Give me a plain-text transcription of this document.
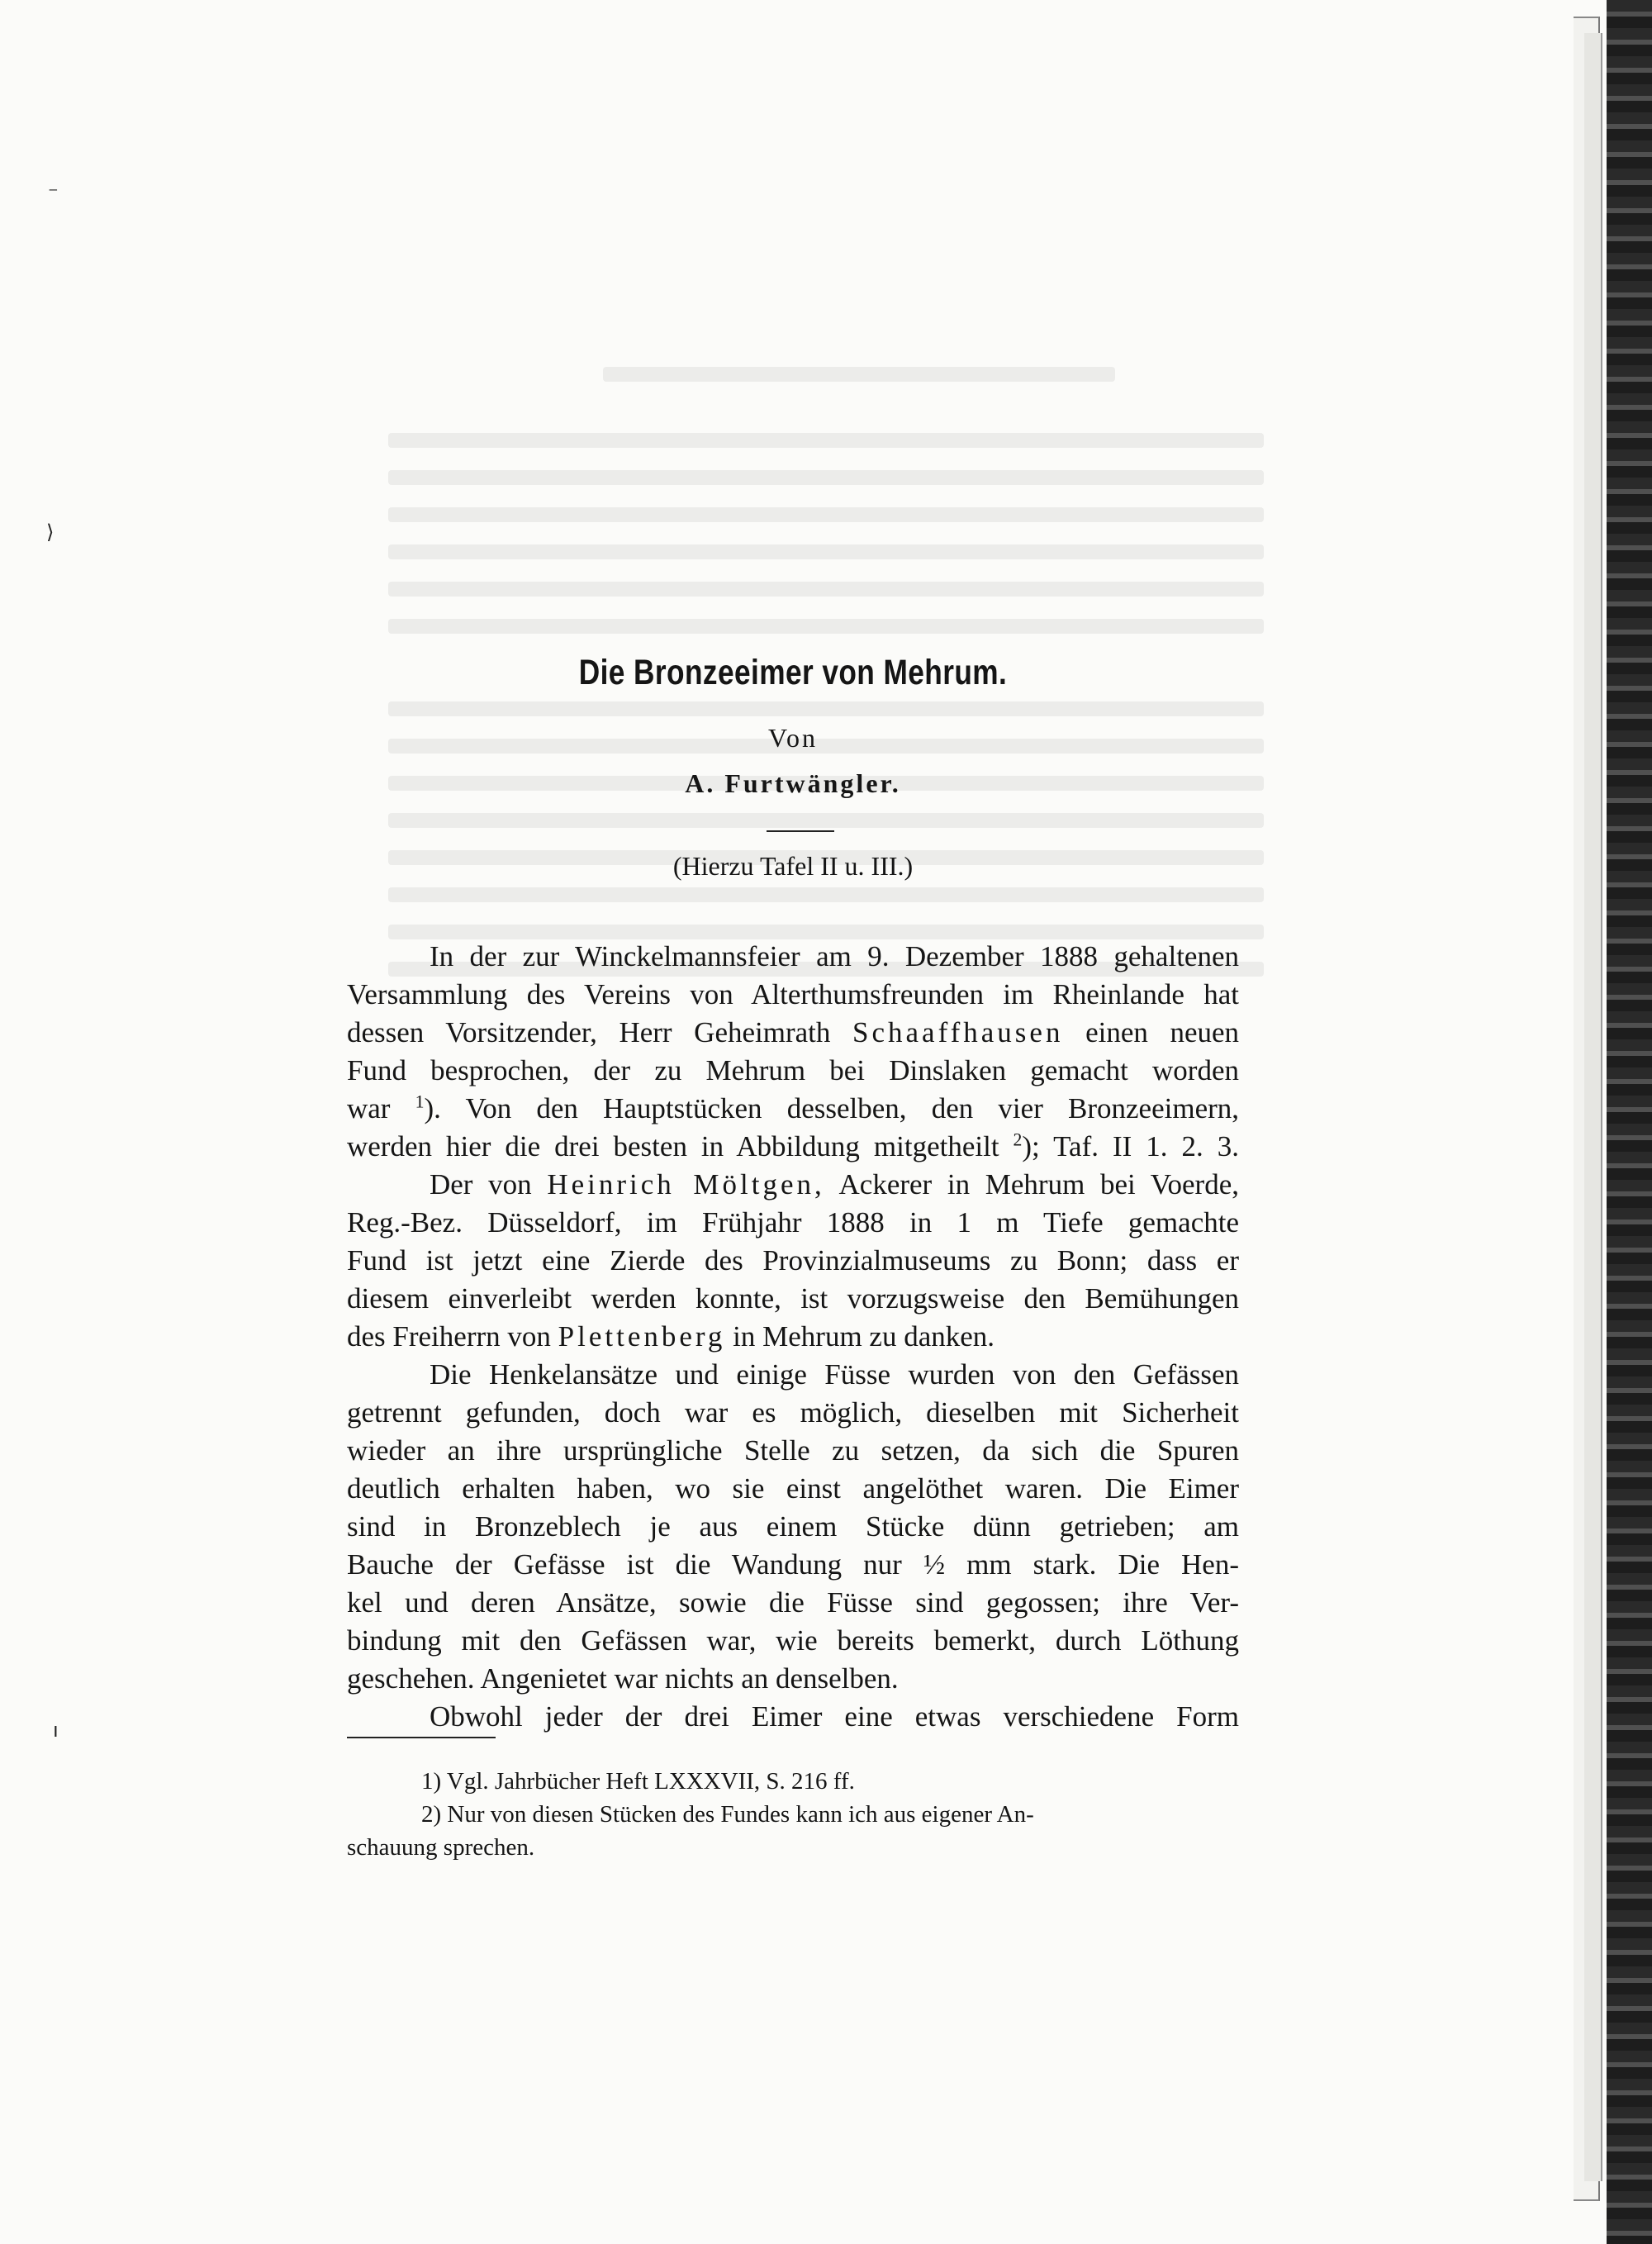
⁻
⟩
ı
Die Bronzeeimer von Mehrum.
Von
A. Furtwängler.
(Hierzu Tafel II u. III.)
In der zur Winckelmannsfeier am 9. Dezember 1888 gehaltenen
Versammlung des Vereins von Alterthumsfreunden im Rheinlande hat
dessen Vorsitzender, Herr Geheimrath Schaaffhausen einen neuen
Fund besprochen, der zu Mehrum bei Dinslaken gemacht worden
war $^1$). Von den Hauptstücken desselben, den vier Bronzeeimern,
werden hier die drei besten in Abbildung mitgetheilt $^2$); Taf. II 1. 2. 3.
Der von Heinrich Möltgen, Ackerer in Mehrum bei Voerde,
Reg.-Bez. Düsseldorf, im Frühjahr 1888 in 1 m Tiefe gemachte
Fund ist jetzt eine Zierde des Provinzialmuseums zu Bonn; dass er
diesem einverleibt werden konnte, ist vorzugsweise den Bemühungen
des Freiherrn von Plettenberg in Mehrum zu danken.
Die Henkelansätze und einige Füsse wurden von den Gefässen
getrennt gefunden, doch war es möglich, dieselben mit Sicherheit
wieder an ihre ursprüngliche Stelle zu setzen, da sich die Spuren
deutlich erhalten haben, wo sie einst angelöthet waren. Die Eimer
sind in Bronzeblech je aus einem Stücke dünn getrieben; am
Bauche der Gefässe ist die Wandung nur ½ mm stark. Die Hen-
kel und deren Ansätze, sowie die Füsse sind gegossen; ihre Ver-
bindung mit den Gefässen war, wie bereits bemerkt, durch Löthung
geschehen. Angenietet war nichts an denselben.
Obwohl jeder der drei Eimer eine etwas verschiedene Form
1) Vgl. Jahrbücher Heft LXXXVII, S. 216 ff.
2) Nur von diesen Stücken des Fundes kann ich aus eigener An-
schauung sprechen.
